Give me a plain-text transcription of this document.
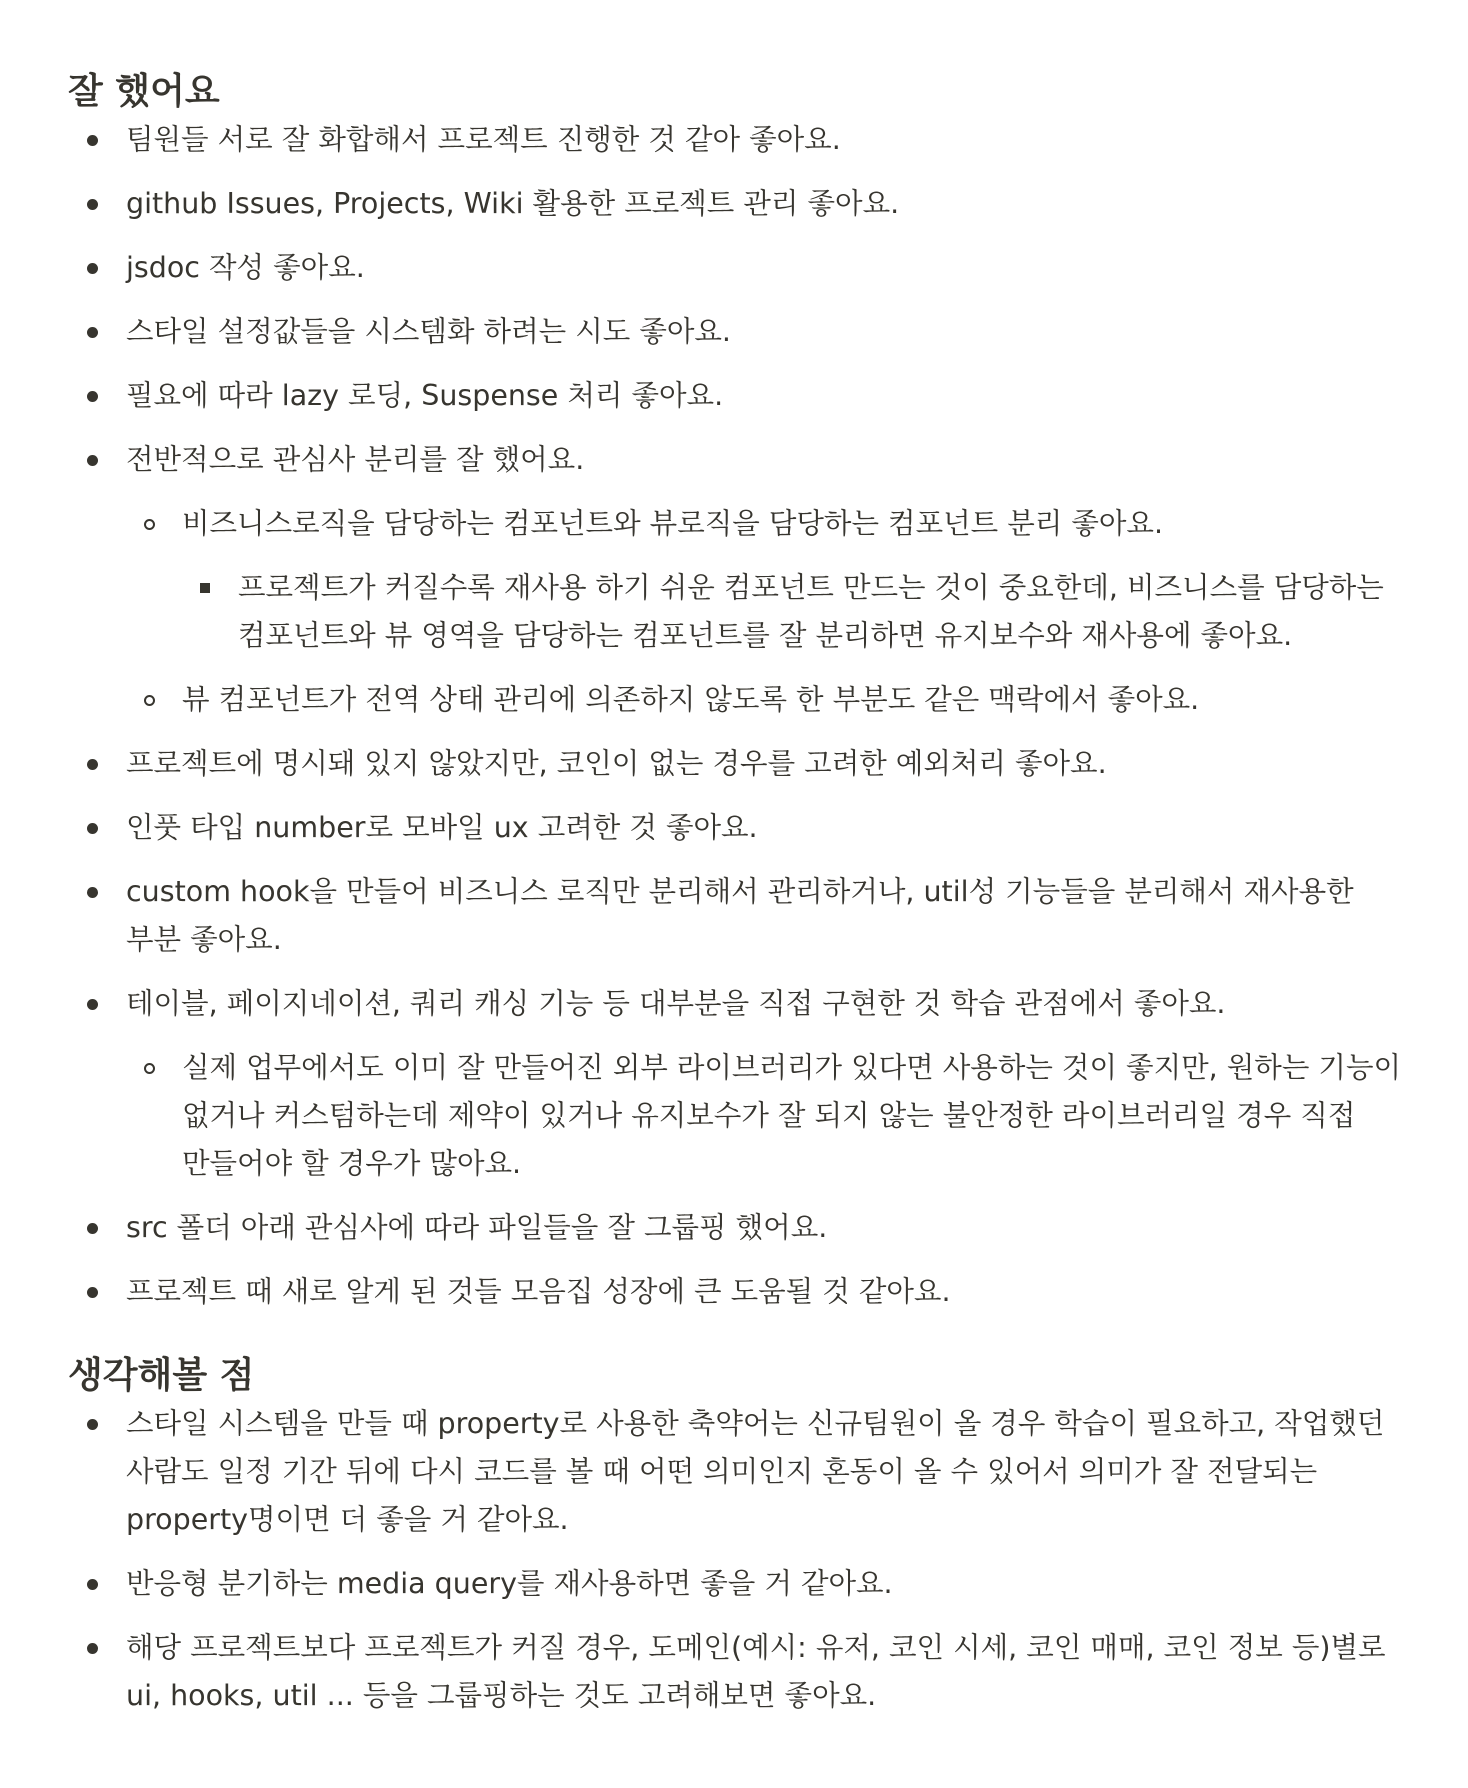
잘 했어요
팀원들 서로 잘 화합해서 프로젝트 진행한 것 같아 좋아요.
github Issues, Projects, Wiki 활용한 프로젝트 관리 좋아요.
jsdoc 작성 좋아요.
스타일 설정값들을 시스템화 하려는 시도 좋아요.
필요에 따라 lazy 로딩, Suspense 처리 좋아요.
전반적으로 관심사 분리를 잘 했어요.
비즈니스로직을 담당하는 컴포넌트와 뷰로직을 담당하는 컴포넌트 분리 좋아요.
프로젝트가 커질수록 재사용 하기 쉬운 컴포넌트 만드는 것이 중요한데, 비즈니스를 담당하는 컴포넌트와 뷰 영역을 담당하는 컴포넌트를 잘 분리하면 유지보수와 재사용에 좋아요.
뷰 컴포넌트가 전역 상태 관리에 의존하지 않도록 한 부분도 같은 맥락에서 좋아요.
프로젝트에 명시돼 있지 않았지만, 코인이 없는 경우를 고려한 예외처리 좋아요.
인풋 타입 number로 모바일 ux 고려한 것 좋아요.
custom hook을 만들어 비즈니스 로직만 분리해서 관리하거나, util성 기능들을 분리해서 재사용한 부분 좋아요.
테이블, 페이지네이션, 쿼리 캐싱 기능 등 대부분을 직접 구현한 것 학습 관점에서 좋아요.
실제 업무에서도 이미 잘 만들어진 외부 라이브러리가 있다면 사용하는 것이 좋지만, 원하는 기능이 없거나 커스텀하는데 제약이 있거나 유지보수가 잘 되지 않는 불안정한 라이브러리일 경우 직접 만들어야 할 경우가 많아요.
src 폴더 아래 관심사에 따라 파일들을 잘 그룹핑 했어요.
프로젝트 때 새로 알게 된 것들 모음집 성장에 큰 도움될 것 같아요.
생각해볼 점
스타일 시스템을 만들 때 property로 사용한 축약어는 신규팀원이 올 경우 학습이 필요하고, 작업했던 사람도 일정 기간 뒤에 다시 코드를 볼 때 어떤 의미인지 혼동이 올 수 있어서 의미가 잘 전달되는 property명이면 더 좋을 거 같아요.
반응형 분기하는 media query를 재사용하면 좋을 거 같아요.
해당 프로젝트보다 프로젝트가 커질 경우, 도메인(예시: 유저, 코인 시세, 코인 매매, 코인 정보 등)별로 ui, hooks, util ... 등을 그룹핑하는 것도 고려해보면 좋아요.
